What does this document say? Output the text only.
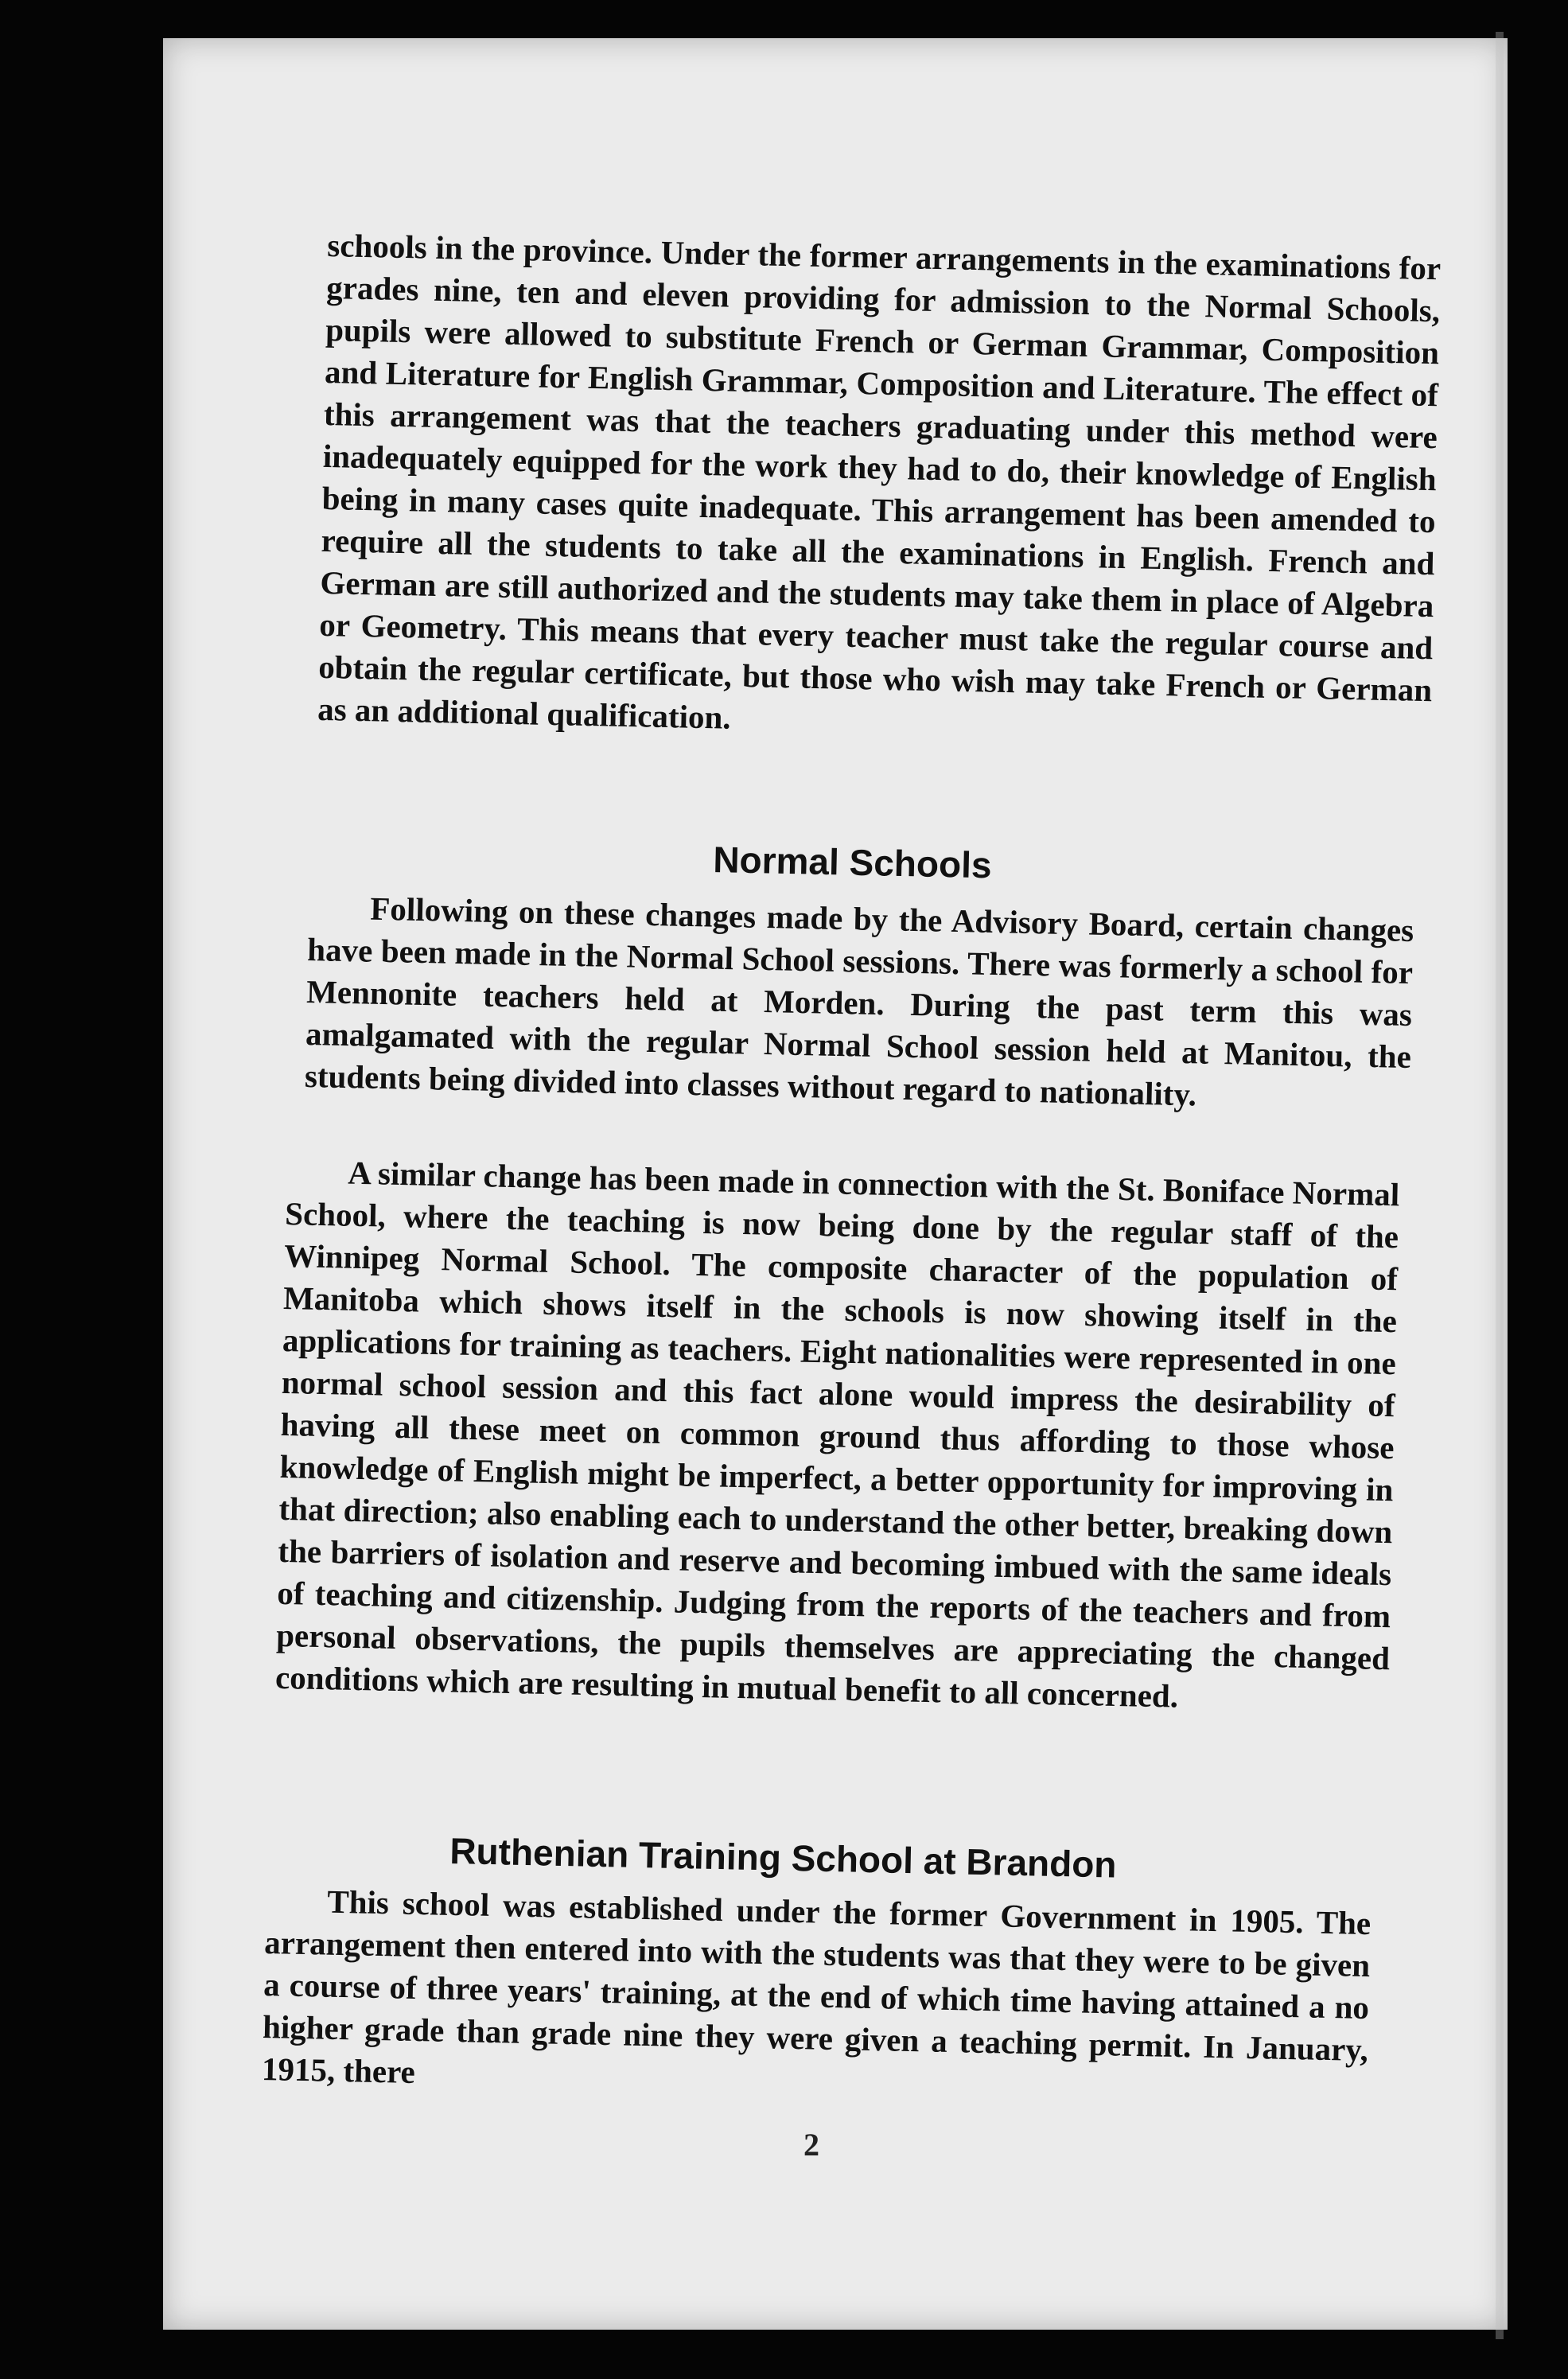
schools in the province. Under the former arrangements in the examinations for grades nine, ten and eleven providing for admission to the Normal Schools, pupils were allowed to substitute French or German Grammar, Composition and Literature for English Grammar, Composition and Literature. The effect of this arrangement was that the teachers graduating under this method were inadequately equipped for the work they had to do, their knowledge of English being in many cases quite inadequate. This arrangement has been amended to require all the students to take all the examinations in English. French and German are still authorized and the students may take them in place of Algebra or Geometry. This means that every teacher must take the regular course and obtain the regular certificate, but those who wish may take French or German as an additional qualification.

Normal Schools

Following on these changes made by the Advisory Board, certain changes have been made in the Normal School sessions. There was formerly a school for Mennonite teachers held at Morden. During the past term this was amalgamated with the regular Normal School session held at Manitou, the students being divided into classes without regard to nationality.

A similar change has been made in connection with the St. Boniface Normal School, where the teaching is now being done by the regular staff of the Winnipeg Normal School. The composite character of the population of Manitoba which shows itself in the schools is now showing itself in the applications for training as teachers. Eight nationalities were represented in one normal school session and this fact alone would impress the desirability of having all these meet on common ground thus affording to those whose knowledge of English might be imperfect, a better opportunity for improving in that direction; also enabling each to understand the other better, breaking down the barriers of isolation and reserve and becoming imbued with the same ideals of teaching and citizenship. Judging from the reports of the teachers and from personal observations, the pupils themselves are appreciating the changed conditions which are resulting in mutual benefit to all concerned.

Ruthenian Training School at Brandon

This school was established under the former Government in 1905. The arrangement then entered into with the students was that they were to be given a course of three years' training, at the end of which time having attained a no higher grade than grade nine they were given a teaching permit. In January, 1915, there

2
